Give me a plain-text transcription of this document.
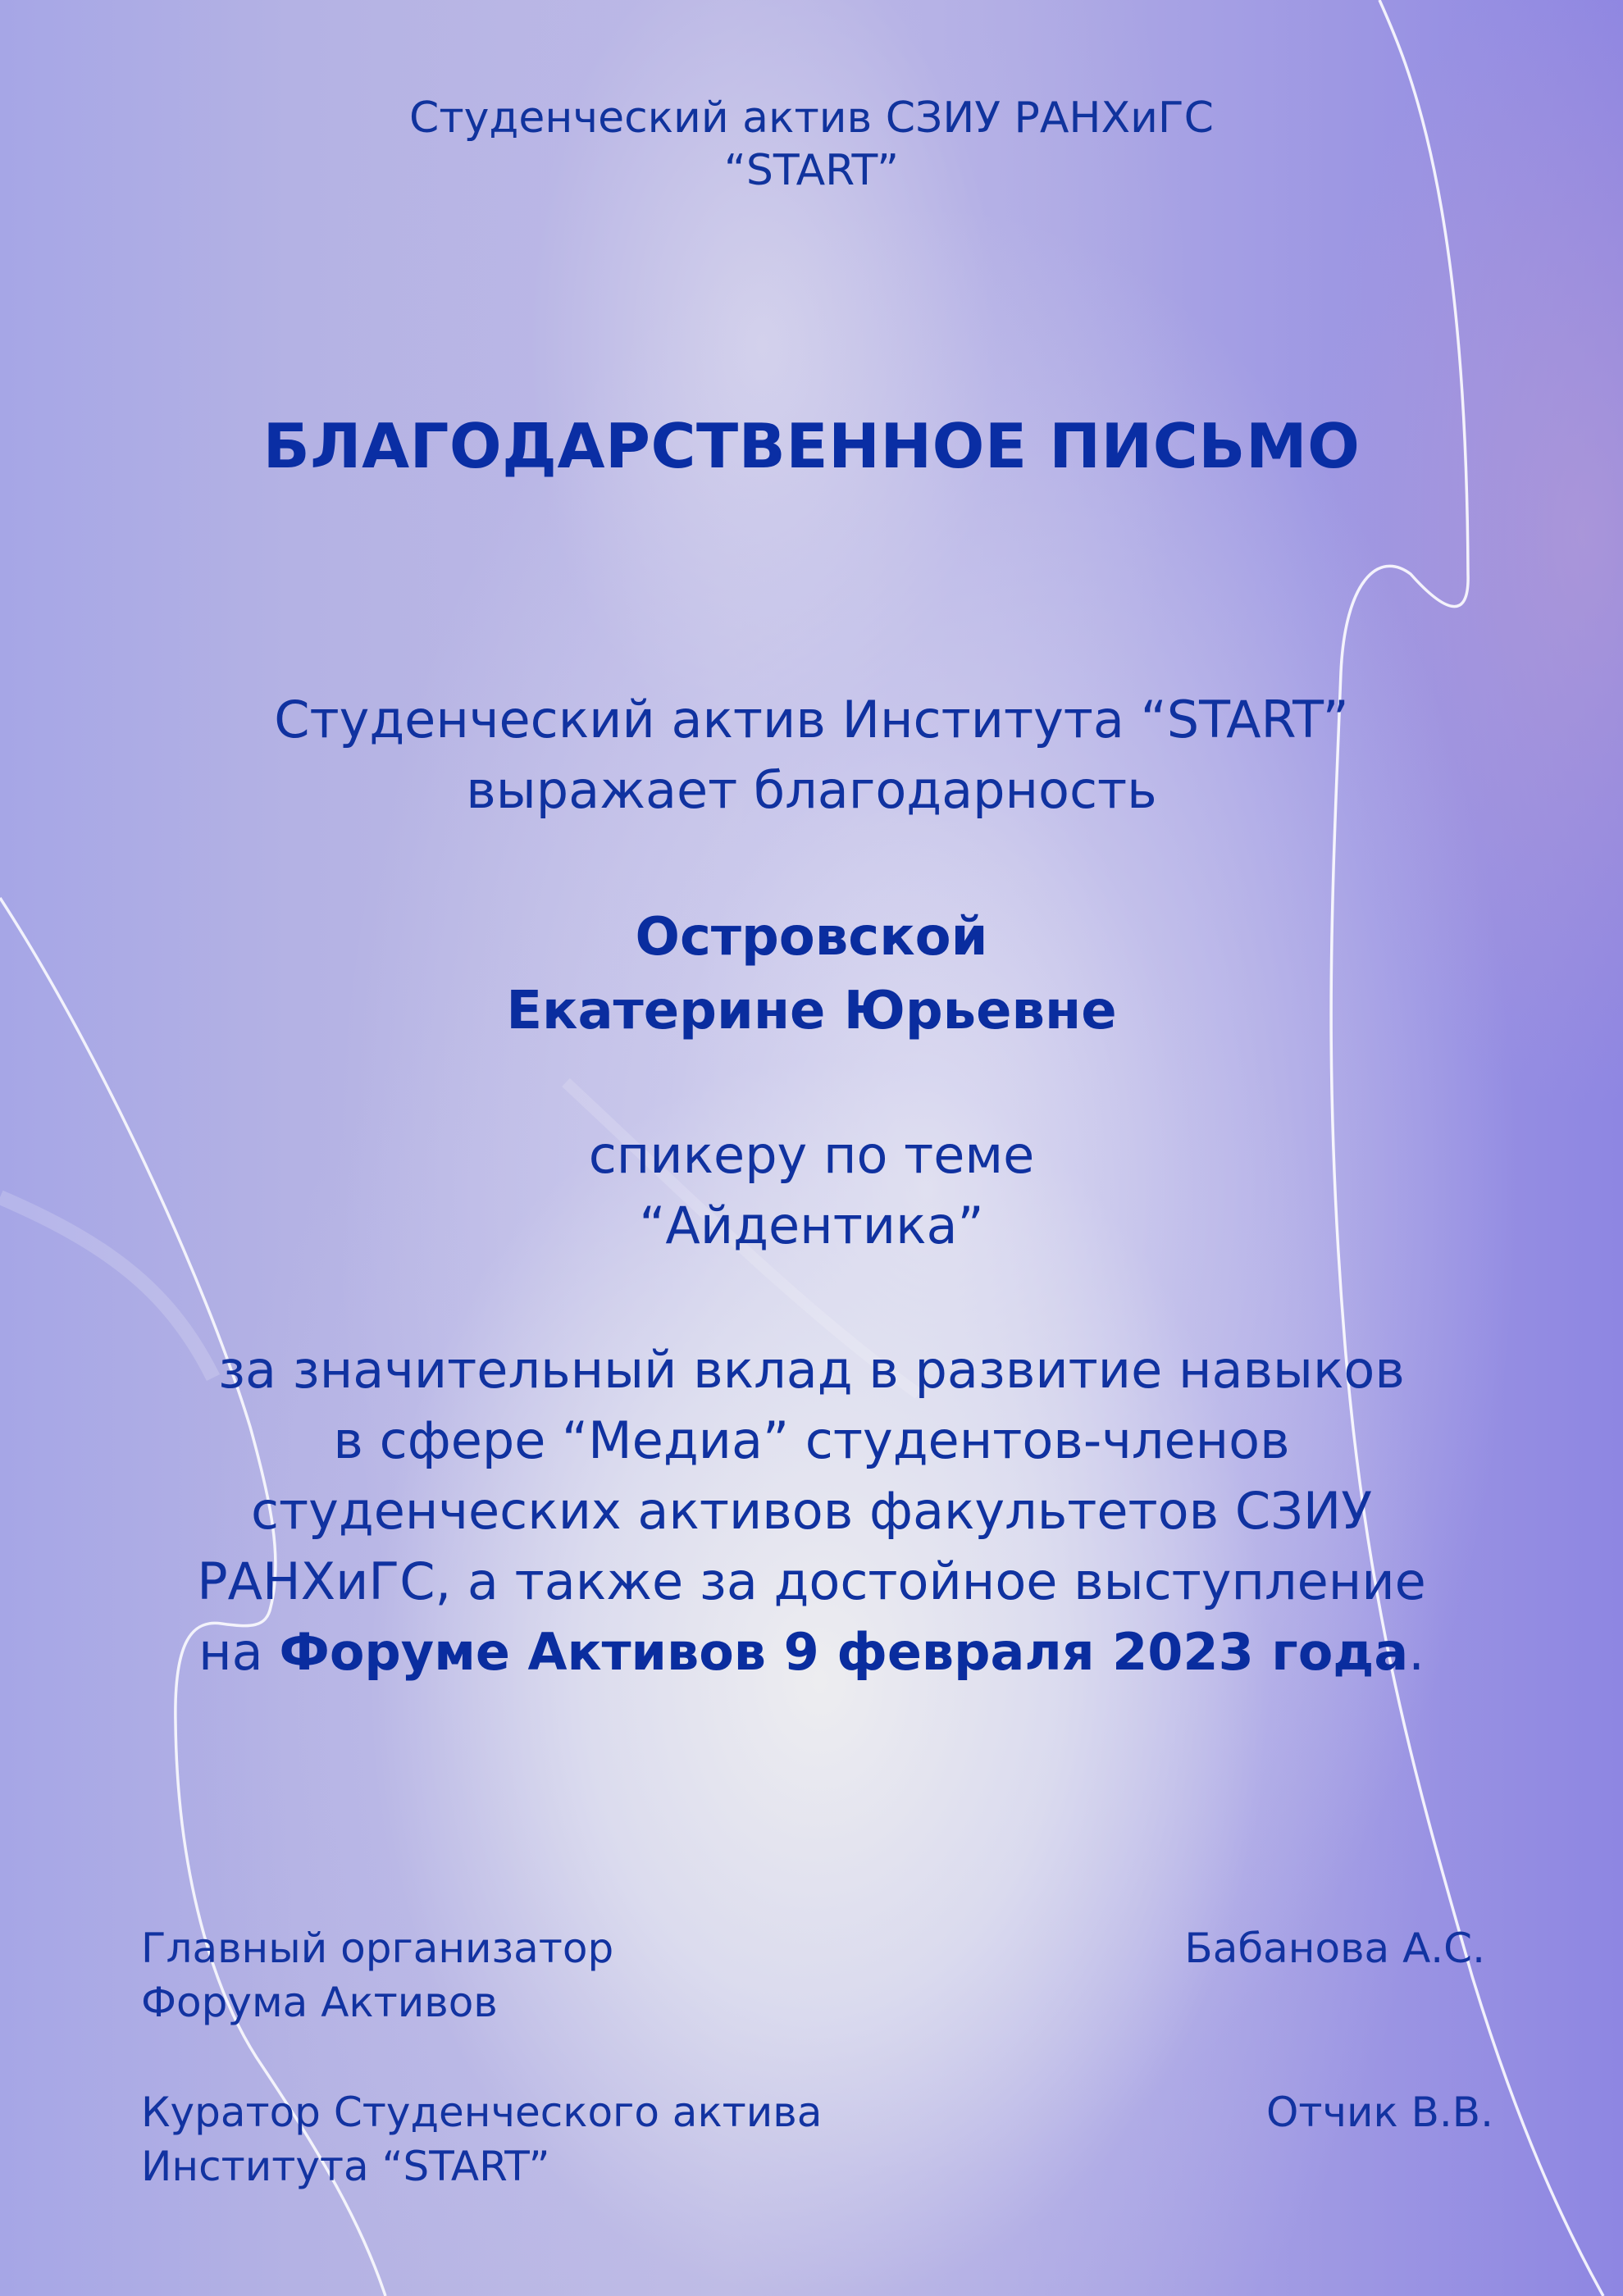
Студенческий актив СЗИУ РАНХиГС
“START”
БЛАГОДАРСТВЕННОЕ ПИСЬМО
Студенческий актив Института “START”
выражает благодарность
Островской
Екатерине Юрьевне
спикеру по теме
“Айдентика”
за значительный вклад в развитие навыков
в сфере “Медиа” студентов-членов
студенческих активов факультетов СЗИУ
РАНХиГС, а также за достойное выступление
на Форуме Активов 9 февраля 2023 года.
Главный организатор
Форума Активов
Бабанова А.С.
Куратор Студенческого актива
Института “START”
Отчик В.В.
